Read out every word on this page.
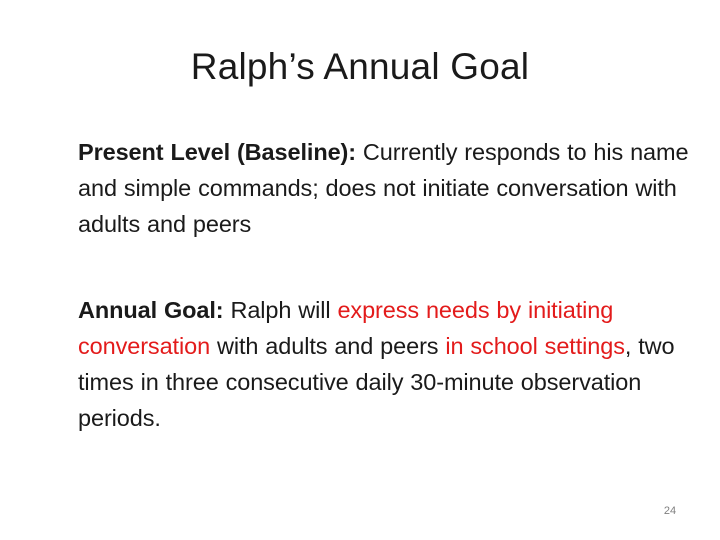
Ralph’s Annual Goal
Present Level (Baseline): Currently responds to his name and simple commands; does not initiate conversation with adults and peers
Annual Goal: Ralph will express needs by initiating conversation with adults and peers in school settings, two times in three consecutive daily 30-minute observation periods.
24
